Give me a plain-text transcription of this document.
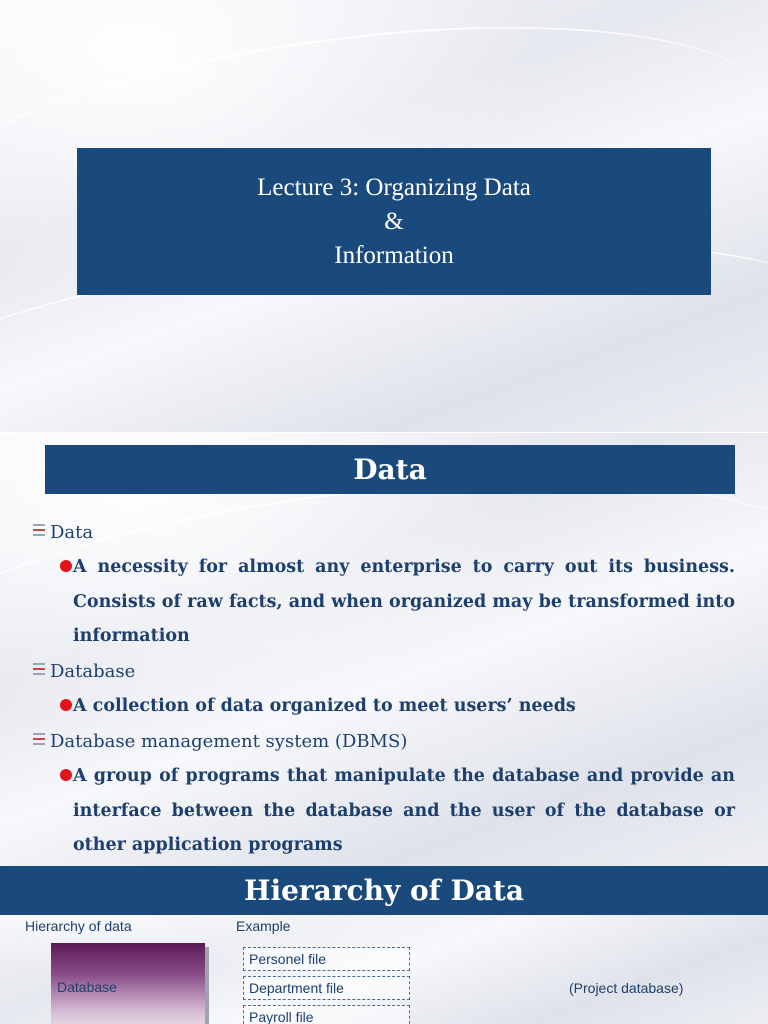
Lecture 3: Organizing Data
&
Information
Data
Data
A necessity for almost any enterprise to carry out its business. Consists of raw facts, and when organized may be transformed into information
Database
A collection of data organized to meet users’ needs
Database management system (DBMS)
A group of programs that manipulate the database and provide an interface between the database and the user of the database or other application programs
Hierarchy of Data
Hierarchy of data	Example
Database
Personel file
Department file
Payroll file
(Project database)
